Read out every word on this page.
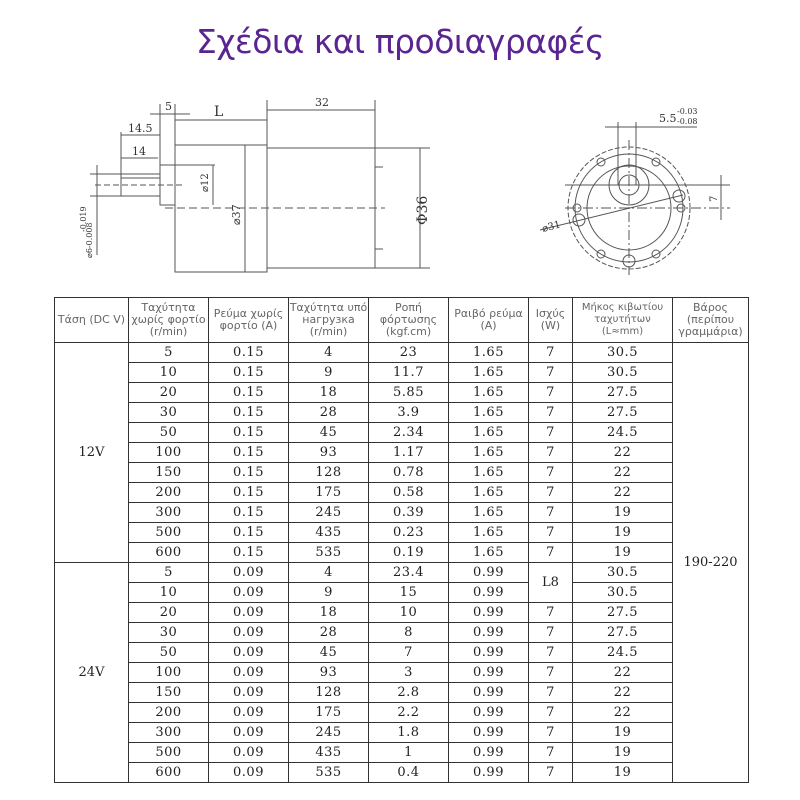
Σχέδια και προδιαγραφές
5	L
32
14.5
14
⌀12
⌀37	Φ36
⌀6-0.008
-0.019
5.5
-0.03
-0.08
7
⌀31
Τάση (DC V)	Ταχύτητα χωρίς φορτίο (r/min)	Ρεύμα χωρίς φορτίο (A)	Ταχύτητα υπό нагрузка (r/min)	Ροπή φόρτωσης (kgf.cm)	Ραιβό ρεύμα (A)	Ισχύς (W)	Μήκος κιβωτίου ταχυτήτων (L≈mm)	Βάρος (περίπου γραμμάρια)
12V	5	0.15	4	23	1.65	7	30.5	190-220
	10	0.15	9	11.7	1.65	7	30.5	
	20	0.15	18	5.85	1.65	7	27.5	
	30	0.15	28	3.9	1.65	7	27.5	
	50	0.15	45	2.34	1.65	7	24.5	
	100	0.15	93	1.17	1.65	7	22	
	150	0.15	128	0.78	1.65	7	22	
	200	0.15	175	0.58	1.65	7	22	
	300	0.15	245	0.39	1.65	7	19	
	500	0.15	435	0.23	1.65	7	19	
	600	0.15	535	0.19	1.65	7	19	
24V	5	0.09	4	23.4	0.99	L8	30.5	
	10	0.09	9	15	0.99		30.5	
	20	0.09	18	10	0.99	7	27.5	
	30	0.09	28	8	0.99	7	27.5	
	50	0.09	45	7	0.99	7	24.5	
	100	0.09	93	3	0.99	7	22	
	150	0.09	128	2.8	0.99	7	22	
	200	0.09	175	2.2	0.99	7	22	
	300	0.09	245	1.8	0.99	7	19	
	500	0.09	435	1	0.99	7	19	
	600	0.09	535	0.4	0.99	7	19	
